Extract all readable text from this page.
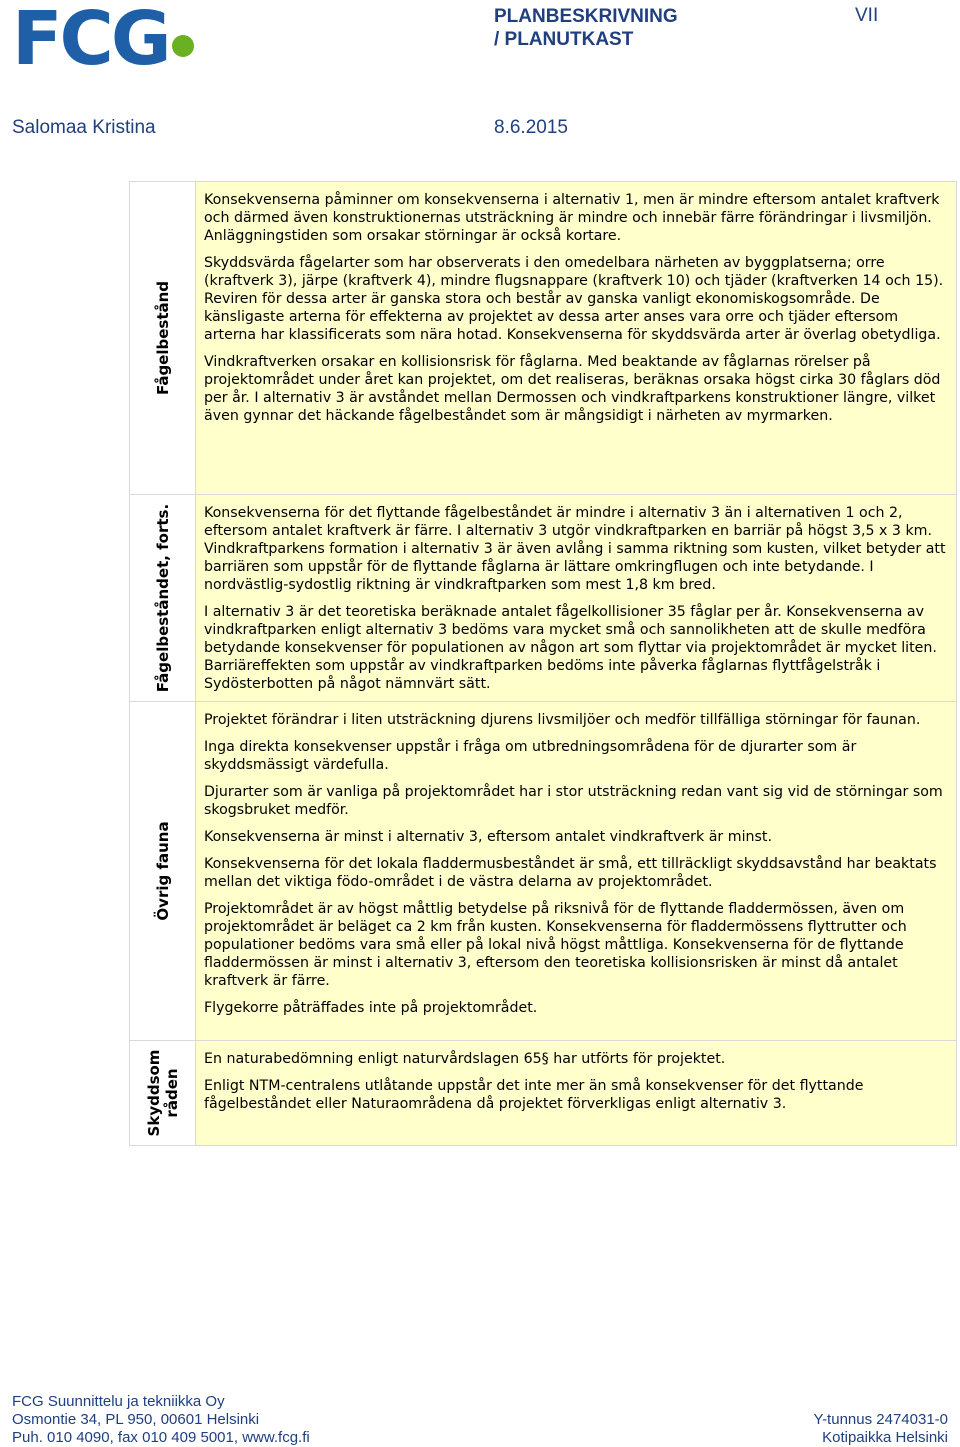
FCG	PLANBESKRIVNING
/ PLANUTKAST
VII
Salomaa Kristina	8.6.2015
Fågelbestånd

Konsekvenserna påminner om konsekvenserna i alternativ 1, men är mindre eftersom antalet kraftverk och därmed även konstruktionernas utsträckning är mindre och innebär färre förändringar i livsmiljön. Anläggningstiden som orsakar störningar är också kortare.

Skyddsvärda fågelarter som har observerats i den omedelbara närheten av byggplatserna; orre (kraftverk 3), järpe (kraftverk 4), mindre flugsnappare (kraftverk 10) och tjäder (kraftverken 14 och 15). Reviren för dessa arter är ganska stora och består av ganska vanligt ekonomiskogsområde. De känsligaste arterna för effekterna av projektet av dessa arter anses vara orre och tjäder eftersom arterna har klassificerats som nära hotad. Konsekvenserna för skyddsvärda arter är överlag obetydliga.

Vindkraftverken orsakar en kollisionsrisk för fåglarna. Med beaktande av fåglarnas rörelser på projektområdet under året kan projektet, om det realiseras, beräknas orsaka högst cirka 30 fåglars död per år. I alternativ 3 är avståndet mellan Dermossen och vindkraftparkens konstruktioner längre, vilket även gynnar det häckande fågelbeståndet som är mångsidigt i närheten av myrmarken.

Fågelbeståndet, forts. Konsekvenserna för det flyttande fågelbeståndet är mindre i alternativ 3 än i alternativen 1 och 2, eftersom antalet kraftverk är färre. I alternativ 3 utgör vindkraftparken en barriär på högst 3,5 x 3 km. Vindkraftparkens formation i alternativ 3 är även avlång i samma riktning som kusten, vilket betyder att barriären som uppstår för de flyttande fåglarna är lättare omkringflugen och inte betydande. I nordvästlig-sydostlig riktning är vindkraftparken som mest 1,8 km bred.

I alternativ 3 är det teoretiska beräknade antalet fågelkollisioner 35 fåglar per år. Konsekvenserna av vindkraftparken enligt alternativ 3 bedöms vara mycket små och sannolikheten att de skulle medföra betydande konsekvenser för populationen av någon art som flyttar via projektområdet är mycket liten. Barriäreffekten som uppstår av vindkraftparken bedöms inte påverka fåglarnas flyttfågelstråk i Sydösterbotten på något nämnvärt sätt.

Övrig fauna

Projektet förändrar i liten utsträckning djurens livsmiljöer och medför tillfälliga störningar för faunan.

Inga direkta konsekvenser uppstår i fråga om utbredningsområdena för de djurarter som är skyddsmässigt värdefulla.

Djurarter som är vanliga på projektområdet har i stor utsträckning redan vant sig vid de störningar som skogsbruket medför.

Konsekvenserna är minst i alternativ 3, eftersom antalet vindkraftverk är minst.

Konsekvenserna för det lokala fladdermusbeståndet är små, ett tillräckligt skyddsavstånd har beaktats mellan det viktiga födo-området i de västra delarna av projektområdet.

Projektområdet är av högst måttlig betydelse på riksnivå för de flyttande fladdermössen, även om projektområdet är beläget ca 2 km från kusten. Konsekvenserna för fladdermössens flyttrutter och populationer bedöms vara små eller på lokal nivå högst måttliga. Konsekvenserna för de flyttande fladdermössen är minst i alternativ 3, eftersom den teoretiska kollisionsrisken är minst då antalet kraftverk är färre.

Flygekorre påträffades inte på projektområdet.

Skyddsom råden

En naturabedömning enligt naturvårdslagen 65§ har utförts för projektet.

Enligt NTM-centralens utlåtande uppstår det inte mer än små konsekvenser för det flyttande fågelbeståndet eller Naturaområdena då projektet förverkligas enligt alternativ 3.

FCG Suunnittelu ja tekniikka Oy
Osmontie 34, PL 950, 00601 Helsinki
Puh. 010 4090, fax 010 409 5001, www.fcg.fi
Y-tunnus 2474031-0
Kotipaikka Helsinki
